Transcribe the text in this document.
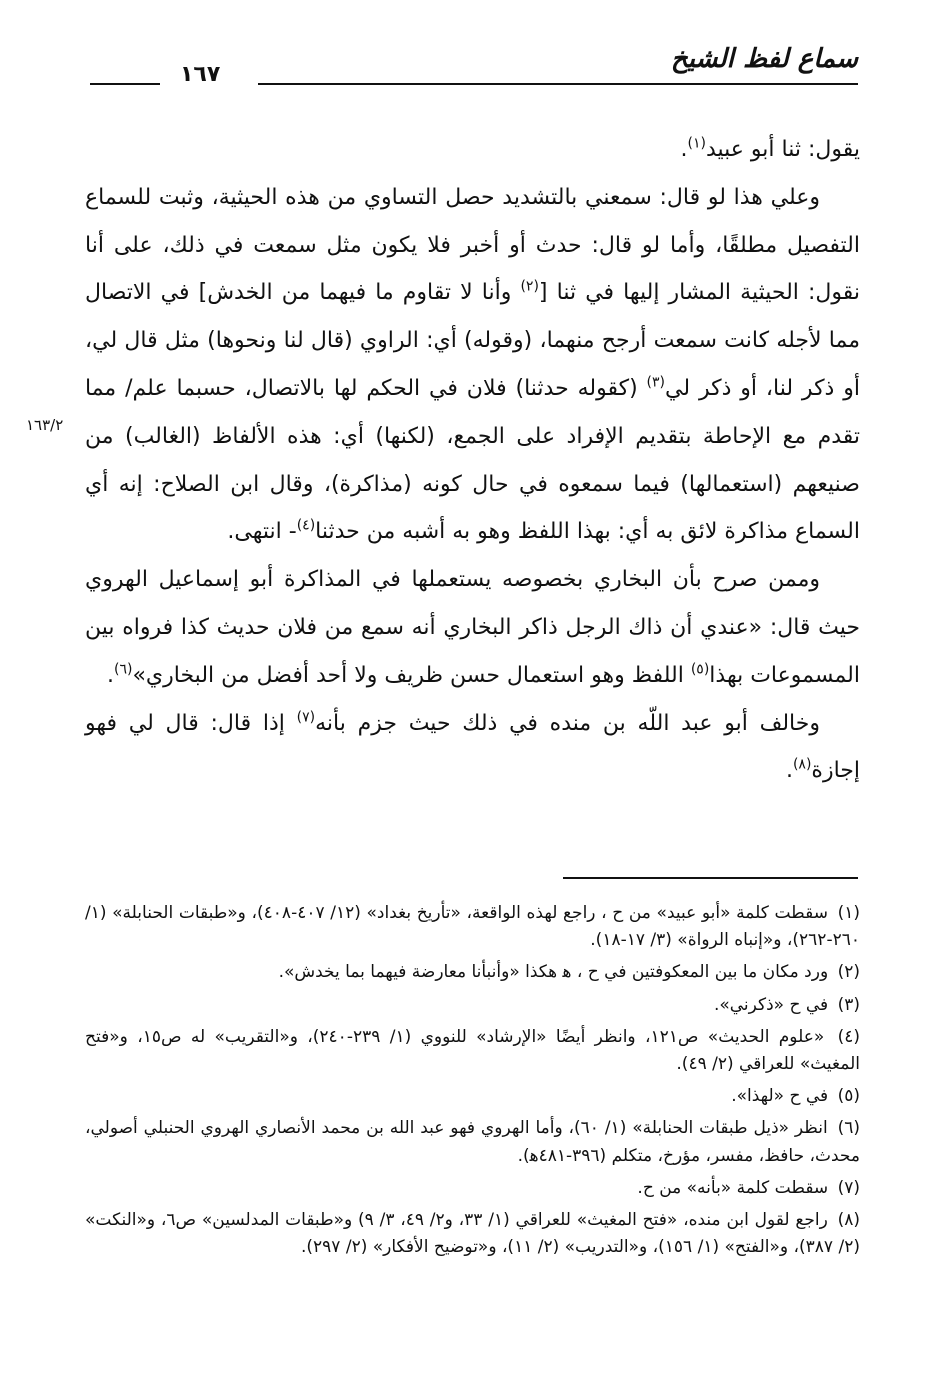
سماع لفظ الشيخ
١٦٧
١٦٣/٢

يقول: ثنا أبو عبيد$^{(١)}$.

وعلي هذا لو قال: سمعني بالتشديد حصل التساوي من هذه الحيثية، وثبت للسماع التفصيل مطلقًا، وأما لو قال: حدث أو أخبر فلا يكون مثل سمعت في ذلك، على أنا نقول: الحيثية المشار إليها في ثنا [$^{(٢)}$ وأنا لا تقاوم ما فيهما من الخدش] في الاتصال مما لأجله كانت سمعت أرجح منهما، (وقوله) أي: الراوي (قال لنا ونحوها) مثل قال لي، أو ذكر لنا، أو ذكر لي$^{(٣)}$ (كقوله حدثنا) فلان في الحكم لها بالاتصال، حسبما علم/ مما تقدم مع الإحاطة بتقديم الإفراد على الجمع، (لكنها) أي: هذه الألفاظ (الغالب) من صنيعهم (استعمالها) فيما سمعوه في حال كونه (مذاكرة)، وقال ابن الصلاح: إنه أي السماع مذاكرة لائق به أي: بهذا اللفظ وهو به أشبه من حدثنا$^{(٤)}$- انتهى.

وممن صرح بأن البخاري بخصوصه يستعملها في المذاكرة أبو إسماعيل الهروي حيث قال: «عندي أن ذاك الرجل ذاكر البخاري أنه سمع من فلان حديث كذا فرواه بين المسموعات بهذا$^{(٥)}$ اللفظ وهو استعمال حسن ظريف ولا أحد أفضل من البخاري»$^{(٦)}$.

وخالف أبو عبد اللّه بن منده في ذلك حيث جزم بأنه$^{(٧)}$ إذا قال: قال لي فهو إجازة$^{(٨)}$.

(١) سقطت كلمة «أبو عبيد» من ح ، راجع لهذه الواقعة، «تأريخ بغداد» (١٢/ ٤٠٧-٤٠٨)، و«طبقات الحنابلة» (١/ ٢٦٠-٢٦٢)، و«إنباه الرواة» (٣/ ١٧-١٨).

(٢) ورد مكان ما بين المعكوفتين في ح ، ﻫ هكذا «وأنبأنا معارضة فيهما بما يخدش».

(٣) في ح «ذكرني».

(٤) «علوم الحديث» ص١٢١، وانظر أيضًا «الإرشاد» للنووي (١/ ٢٣٩-٢٤٠)، و«التقريب» له ص١٥، و«فتح المغيث» للعراقي (٢/ ٤٩).

(٥) في ح «لهذا».

(٦) انظر «ذيل طبقات الحنابلة» (١/ ٦٠)، وأما الهروي فهو عبد الله بن محمد الأنصاري الهروي الحنبلي أصولي، محدث، حافظ، مفسر، مؤرخ، متكلم (٣٩٦-٤٨١ﻫ).

(٧) سقطت كلمة «بأنه» من ح.

(٨) راجع لقول ابن منده، «فتح المغيث» للعراقي (١/ ٣٣، و٢/ ٤٩، ٣/ ٩) و«طبقات المدلسين» ص٦، و«النكت» (٢/ ٣٨٧)، و«الفتح» (١/ ١٥٦)، و«التدريب» (٢/ ١١)، و«توضيح الأفكار» (٢/ ٢٩٧).
